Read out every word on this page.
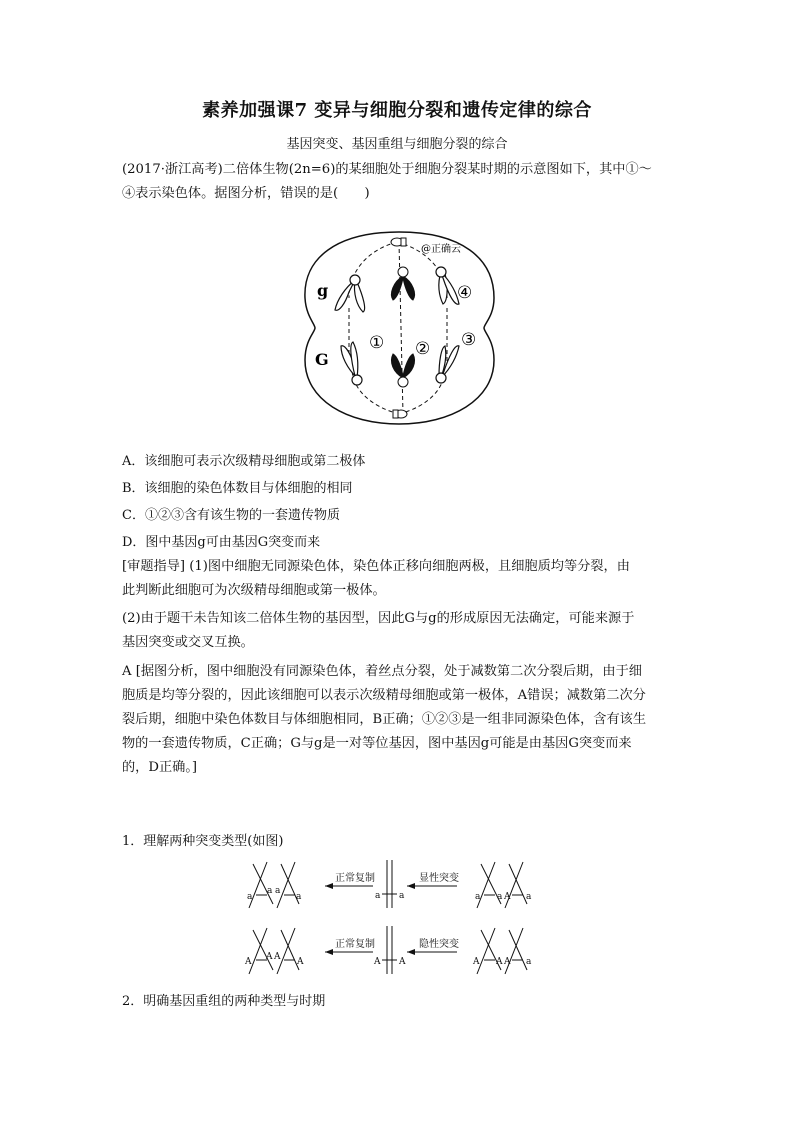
素养加强课7 变异与细胞分裂和遗传定律的综合
基因突变、基因重组与细胞分裂的综合
(2017·浙江高考)二倍体生物(2n=6)的某细胞处于细胞分裂某时期的示意图如下，其中①～
④表示染色体。据图分析，错误的是(　　)
@正确云
g	④
G
① ② ③
A．该细胞可表示次级精母细胞或第二极体
B．该细胞的染色体数目与体细胞的相同
C．①②③含有该生物的一套遗传物质
D．图中基因g可由基因G突变而来
[审题指导] (1)图中细胞无同源染色体，染色体正移向细胞两极，且细胞质均等分裂，由
此判断此细胞可为次级精母细胞或第一极体。
(2)由于题干未告知该二倍体生物的基因型，因此G与g的形成原因无法确定，可能来源于
基因突变或交叉互换。
A [据图分析，图中细胞没有同源染色体，着丝点分裂，处于减数第二次分裂后期，由于细
胞质是均等分裂的，因此该细胞可以表示次级精母细胞或第一极体，A错误；减数第二次分
裂后期，细胞中染色体数目与体细胞相同，B正确；①②③是一组非同源染色体，含有该生
物的一套遗传物质，C正确；G与g是一对等位基因，图中基因g可能是由基因G突变而来
的，D正确。]
1．理解两种突变类型(如图)
正常复制	显性突变
a
a a
a	a a	a a A a
正常复制	隐性突变
A A A A	A A	A A A a
2．明确基因重组的两种类型与时期
